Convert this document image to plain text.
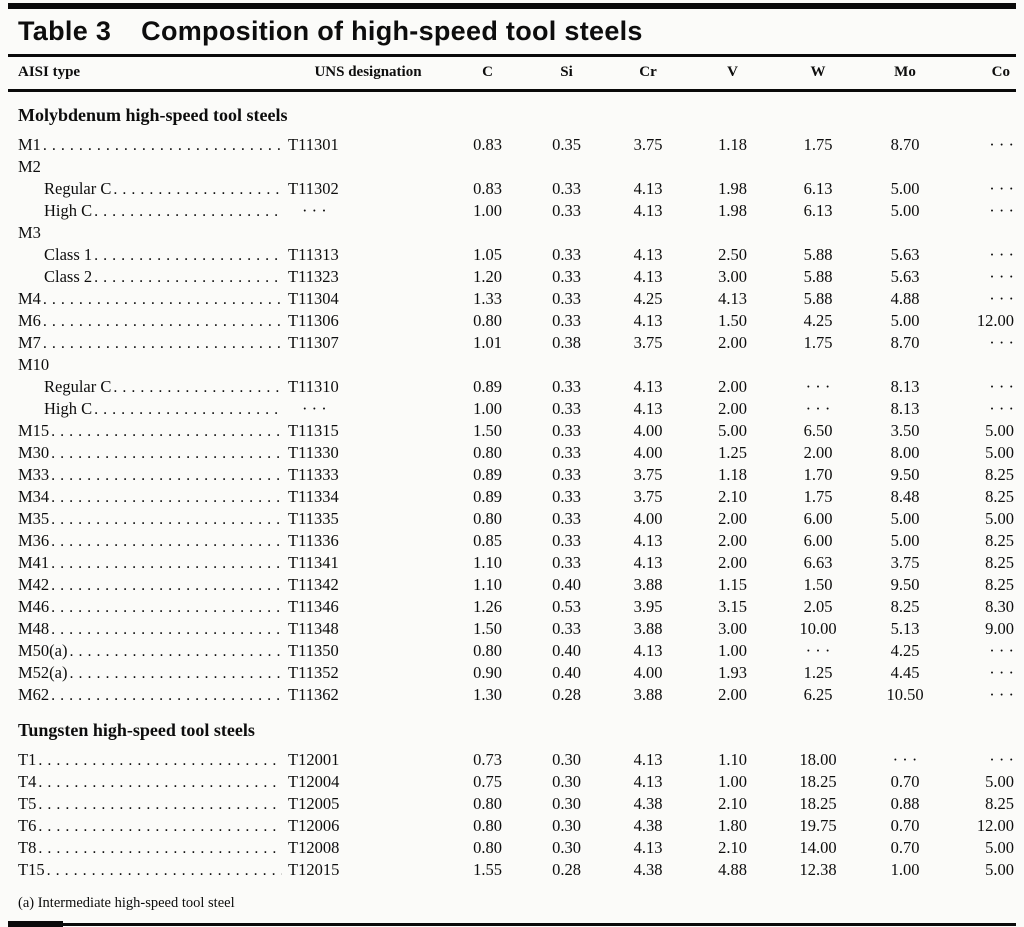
Table 3 Composition of high-speed tool steels
AISI type	UNS designation	C	Si	Cr	V	W	Mo	Co
Molybdenum high-speed tool steels
M1 .....	T11301	0.83	0.35	3.75	1.18	1.75	8.70	· · ·
M2
Regular C .....	T11302	0.83	0.33	4.13	1.98	6.13	5.00	· · ·
High C .....	· · ·	1.00	0.33	4.13	1.98	6.13	5.00	· · ·
M3
Class 1 .....	T11313	1.05	0.33	4.13	2.50	5.88	5.63	· · ·
Class 2 .....	T11323	1.20	0.33	4.13	3.00	5.88	5.63	· · ·
M4 .....	T11304	1.33	0.33	4.25	4.13	5.88	4.88	· · ·
M6 .....	T11306	0.80	0.33	4.13	1.50	4.25	5.00	12.00
M7 .....	T11307	1.01	0.38	3.75	2.00	1.75	8.70	· · ·
M10
Regular C .....	T11310	0.89	0.33	4.13	2.00	· · ·	8.13	· · ·
High C .....	· · ·	1.00	0.33	4.13	2.00	· · ·	8.13	· · ·
M15 .....	T11315	1.50	0.33	4.00	5.00	6.50	3.50	5.00
M30 .....	T11330	0.80	0.33	4.00	1.25	2.00	8.00	5.00
M33 .....	T11333	0.89	0.33	3.75	1.18	1.70	9.50	8.25
M34 .....	T11334	0.89	0.33	3.75	2.10	1.75	8.48	8.25
M35 .....	T11335	0.80	0.33	4.00	2.00	6.00	5.00	5.00
M36 .....	T11336	0.85	0.33	4.13	2.00	6.00	5.00	8.25
M41 .....	T11341	1.10	0.33	4.13	2.00	6.63	3.75	8.25
M42 .....	T11342	1.10	0.40	3.88	1.15	1.50	9.50	8.25
M46 .....	T11346	1.26	0.53	3.95	3.15	2.05	8.25	8.30
M48 .....	T11348	1.50	0.33	3.88	3.00	10.00	5.13	9.00
M50(a) .....	T11350	0.80	0.40	4.13	1.00	· · ·	4.25	· · ·
M52(a) .....	T11352	0.90	0.40	4.00	1.93	1.25	4.45	· · ·
M62 .....	T11362	1.30	0.28	3.88	2.00	6.25	10.50	· · ·
Tungsten high-speed tool steels
T1 .....	T12001	0.73	0.30	4.13	1.10	18.00	· · ·	· · ·
T4 .....	T12004	0.75	0.30	4.13	1.00	18.25	0.70	5.00
T5 .....	T12005	0.80	0.30	4.38	2.10	18.25	0.88	8.25
T6 .....	T12006	0.80	0.30	4.38	1.80	19.75	0.70	12.00
T8 .....	T12008	0.80	0.30	4.13	2.10	14.00	0.70	5.00
T15 .....	T12015	1.55	0.28	4.38	4.88	12.38	1.00	5.00
(a) Intermediate high-speed tool steel
